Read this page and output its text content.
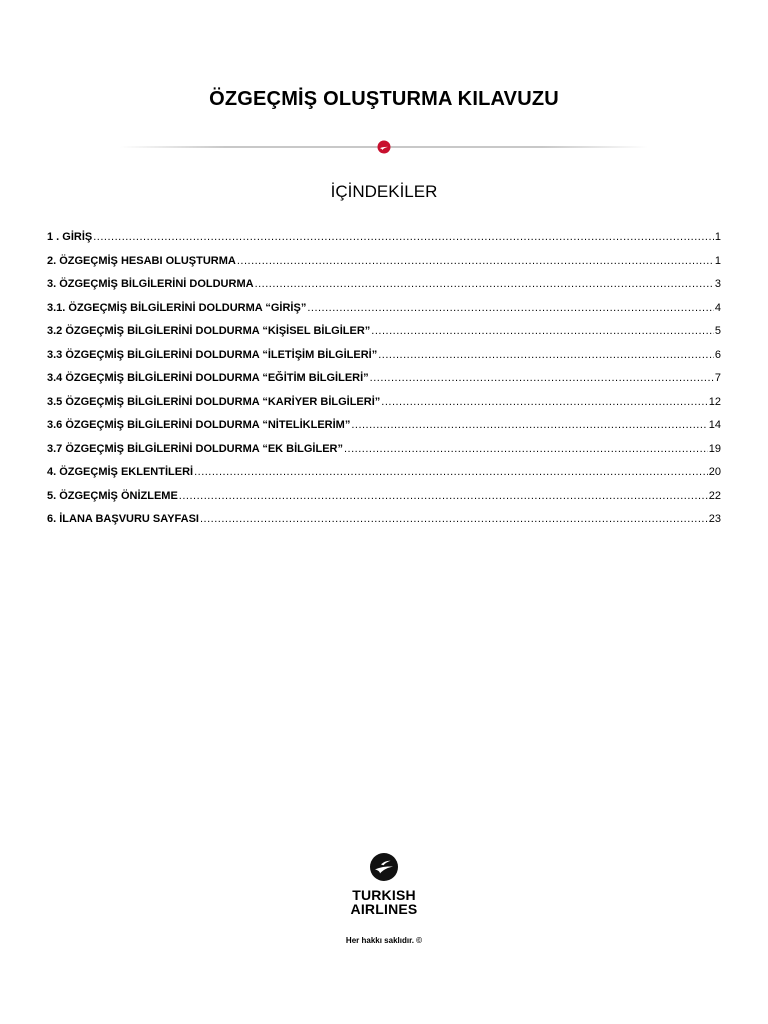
ÖZGEÇMİŞ OLUŞTURMA KILAVUZU
İÇİNDEKİLER
1 . GİRİŞ .....	1
2. ÖZGEÇMİŞ HESABI OLUŞTURMA .....	1
3. ÖZGEÇMİŞ BİLGİLERİNİ DOLDURMA .....	3
3.1. ÖZGEÇMİŞ BİLGİLERİNİ DOLDURMA “GİRİŞ” .....	4
3.2 ÖZGEÇMİŞ BİLGİLERİNİ DOLDURMA “KİŞİSEL BİLGİLER” .....	5
3.3 ÖZGEÇMİŞ BİLGİLERİNİ DOLDURMA “İLETİŞİM BİLGİLERİ” .....	6
3.4 ÖZGEÇMİŞ BİLGİLERİNİ DOLDURMA “EĞİTİM BİLGİLERİ” .....	7
3.5 ÖZGEÇMİŞ BİLGİLERİNİ DOLDURMA “KARİYER BİLGİLERİ” .....	12
3.6 ÖZGEÇMİŞ BİLGİLERİNİ DOLDURMA “NİTELİKLERİM” .....	14
3.7 ÖZGEÇMİŞ BİLGİLERİNİ DOLDURMA “EK BİLGİLER” .....	19
4. ÖZGEÇMİŞ EKLENTİLERİ .....	20
5. ÖZGEÇMİŞ ÖNİZLEME .....	22
6. İLANA BAŞVURU SAYFASI .....	23
TURKISH
AIRLINES
Her hakkı saklıdır. ©
